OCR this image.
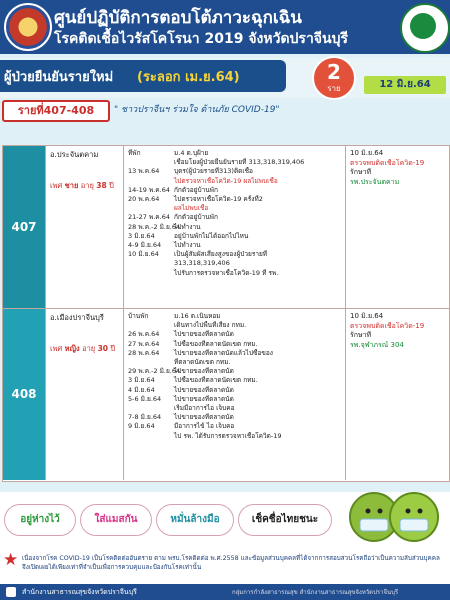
ศูนย์ปฏิบัติการตอบโต้ภาวะฉุกเฉิน
โรคติดเชื้อไวรัสโคโรนา 2019 จังหวัดปราจีนบุรี
ผู้ป่วยยืนยันรายใหม่ (ระลอก เม.ย.64)	2
ราย	12 มิ.ย.64
รายที่407-408	" ชาวปราจีนฯ ร่วมใจ ต้านภัย COVID-19"
407
อ.ประจันตคาม
เพศ ชาย อายุ 38 ปี
ที่พัก	ม.4 ต.บุฝ้าย
เชื่อมโยงผู้ป่วยยืนยันรายที่ 313,318,319,406
13 พ.ค.64 บุตร(ผู้ป่วยรายที่313)ติดเชื้อ
ไปตรวจหาเชื้อโควิด-19 ผลไม่พบเชื้อ
14-19 พ.ค.64 กักตัวอยู่บ้านพัก
20 พ.ค.64 ไปตรวจหาเชื้อโควิด-19 ครั้งที่2
ผลไม่พบเชื้อ
21-27 พ.ค.64 กักตัวอยู่บ้านพัก
28 พ.ค.-2 มิ.ย.64ไปทำงาน
3 มิ.ย.64	อยู่บ้านพักไม่ได้ออกไปไหน
4-9 มิ.ย.64 ไปทำงาน
10 มิ.ย.64 เป็นผู้สัมผัสเสี่ยงสูงของผู้ป่วยรายที่
313,318,319,406
ไปรับการตรวจหาเชื้อโควิด-19 ที่ รพ.
10 มิ.ย.64
ตรวจพบติดเชื้อโควิด-19
รักษาที่
รพ.ประจันตคาม
408
อ.เมืองปราจีนบุรี
เพศ หญิง อายุ 30 ปี
บ้านพัก	ม.16 ต.เนินหอม
เดินทางไปพื้นที่เสี่ยง กทม.
26 พ.ค.64 ไปขายของที่ตลาดนัด
27 พ.ค.64 ไปซื้อของที่ตลาดนัดเขต กทม.
28 พ.ค.64 ไปขายของที่ตลาดนัดแล้วไปซื้อของ
ที่ตลาดนัดเขต กทม.
29 พ.ค.-2 มิ.ย.64ไปขายของที่ตลาดนัด
3 มิ.ย.64	ไปซื้อของที่ตลาดนัดเขต กทม.
4 มิ.ย.64	ไปขายของที่ตลาดนัด
5-6 มิ.ย.64 ไปขายของที่ตลาดนัด
เริ่มมีอาการไอ เจ็บคอ
7-8 มิ.ย.64 ไปขายของที่ตลาดนัด
9 มิ.ย.64	มีอาการไข้ ไอ เจ็บคอ
ไป รพ. ได้รับการตรวจหาเชื้อโควิด-19
10 มิ.ย.64
ตรวจพบติดเชื้อโควิด-19
รักษาที่
รพ.จุฬาภรณ์ 304
อยู่ห่างไว้	ใส่แมสกัน	หมั่นล้างมือ	เช็คชื่อไทยชนะ
★ เนื่องจากโรค COVID-19 เป็นโรคติดต่ออันตราย ตาม พรบ.โรคติดต่อ พ.ศ.2558 และข้อมูลส่วนบุคคลที่ได้จากการสอบสวนโรคถือว่าเป็นความลับส่วนบุคคล จึงเปิดเผยได้เพียงเท่าที่จำเป็นเพื่อการควบคุมและป้องกันโรคเท่านั้น
สำนักงานสาธารณสุขจังหวัดปราจีนบุรี	กลุ่มการกำลังสาธารณสุข สำนักงานสาธารณสุขจังหวัดปราจีนบุรี
